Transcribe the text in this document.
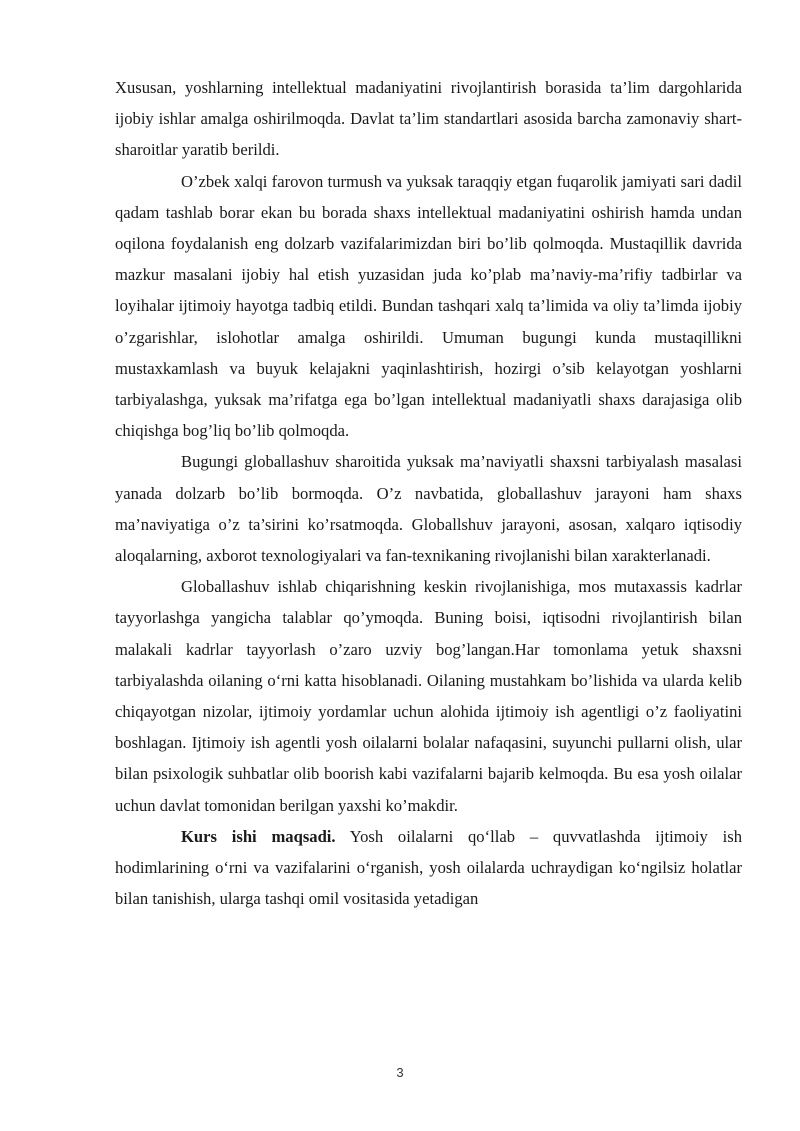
Xususan, yoshlarning intellektual madaniyatini rivojlantirish borasida ta’lim dargohlarida ijobiy ishlar amalga oshirilmoqda. Davlat ta’lim standartlari asosida barcha zamonaviy shart-sharoitlar yaratib berildi.

O’zbek xalqi farovon turmush va yuksak taraqqiy etgan fuqarolik jamiyati sari dadil qadam tashlab borar ekan bu borada shaxs intellektual madaniyatini oshirish hamda undan oqilona foydalanish eng dolzarb vazifalarimizdan biri bo’lib qolmoqda. Mustaqillik davrida mazkur masalani ijobiy hal etish yuzasidan juda ko’plab ma’naviy-ma’rifiy tadbirlar va loyihalar ijtimoiy hayotga tadbiq etildi. Bundan tashqari xalq ta’limida va oliy ta’limda ijobiy o’zgarishlar, islohotlar amalga oshirildi. Umuman bugungi kunda mustaqillikni mustaxkamlash va buyuk kelajakni yaqinlashtirish, hozirgi o’sib kelayotgan yoshlarni tarbiyalashga, yuksak ma’rifatga ega bo’lgan intellektual madaniyatli shaxs darajasiga olib chiqishga bog’liq bo’lib qolmoqda.

Bugungi globallashuv sharoitida yuksak ma’naviyatli shaxsni tarbiyalash masalasi yanada dolzarb bo’lib bormoqda. O’z navbatida, globallashuv jarayoni ham shaxs ma’naviyatiga o’z ta’sirini ko’rsatmoqda. Globallshuv jarayoni, asosan, xalqaro iqtisodiy aloqalarning, axborot texnologiyalari va fan-texnikaning rivojlanishi bilan xarakterlanadi.

Globallashuv ishlab chiqarishning keskin rivojlanishiga, mos mutaxassis kadrlar tayyorlashga yangicha talablar qo’ymoqda. Buning boisi, iqtisodni rivojlantirish bilan malakali kadrlar tayyorlash o’zaro uzviy bog’langan.Har tomonlama yetuk shaxsni tarbiyalashda oilaning o‘rni katta hisoblanadi. Oilaning mustahkam bo’lishida va ularda kelib chiqayotgan nizolar, ijtimoiy yordamlar uchun alohida ijtimoiy ish agentligi o’z faoliyatini boshlagan. Ijtimoiy ish agentli yosh oilalarni bolalar nafaqasini, suyunchi pullarni olish, ular bilan psixologik suhbatlar olib boorish kabi vazifalarni bajarib kelmoqda. Bu esa yosh oilalar uchun davlat tomonidan berilgan yaxshi ko’makdir.

Kurs ishi maqsadi. Yosh oilalarni qo‘llab – quvvatlashda ijtimoiy ish hodimlarining o‘rni va vazifalarini o‘rganish, yosh oilalarda uchraydigan ko‘ngilsiz holatlar bilan tanishish, ularga tashqi omil vositasida yetadigan

3
